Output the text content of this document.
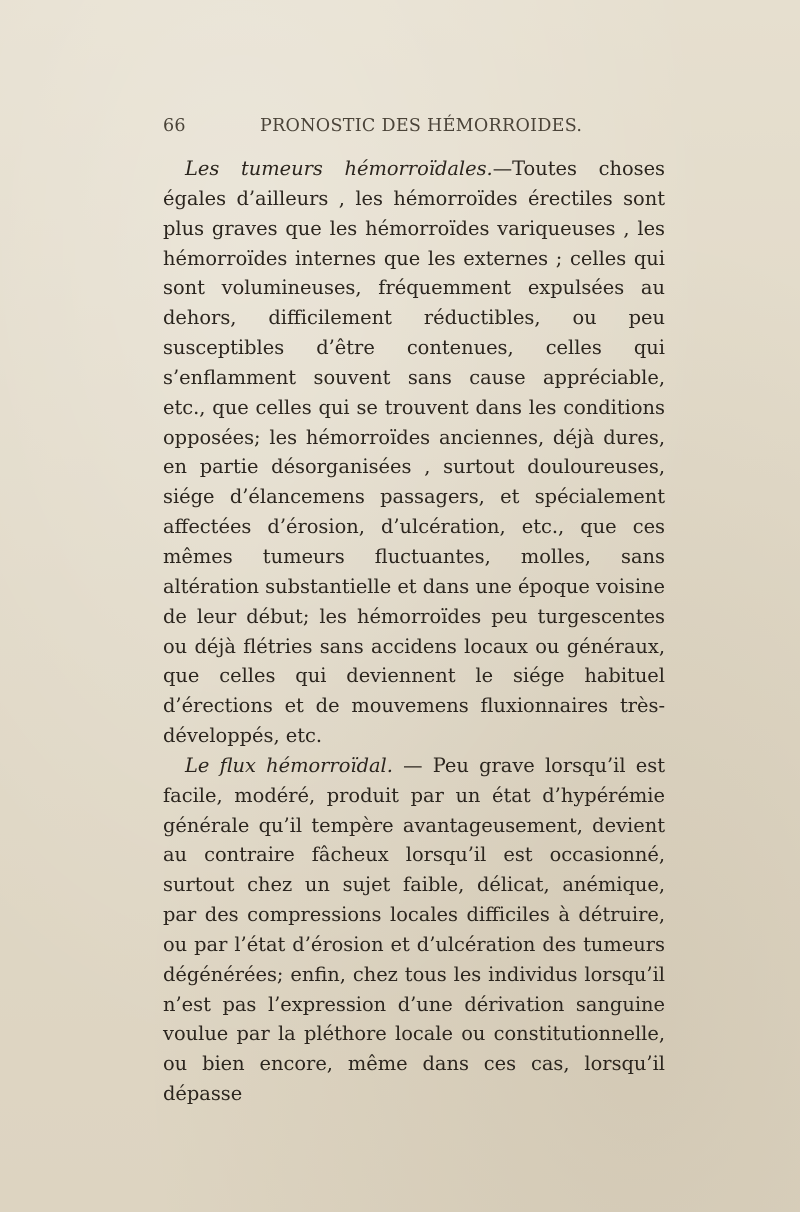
66	PRONOSTIC DES HÉMORROIDES.

Les tumeurs hémorroïdales.—Toutes choses égales d’ailleurs , les hémorroïdes érectiles sont plus graves que les hémorroïdes variqueuses , les hémorroïdes internes que les externes ; celles qui sont volumineuses, fréquemment expulsées au dehors, difficilement réductibles, ou peu susceptibles d’être contenues, celles qui s’enflamment souvent sans cause appréciable, etc., que celles qui se trouvent dans les conditions opposées; les hémorroïdes anciennes, déjà dures, en partie désorganisées , surtout douloureuses, siége d’élancemens passagers, et spécialement affectées d’érosion, d’ulcération, etc., que ces mêmes tumeurs fluctuantes, molles, sans altération substantielle et dans une époque voisine de leur début; les hémorroïdes peu turgescentes ou déjà flétries sans accidens locaux ou généraux, que celles qui deviennent le siége habituel d’érections et de mouvemens fluxionnaires très-développés, etc.

Le flux hémorroïdal. — Peu grave lorsqu’il est facile, modéré, produit par un état d’hypérémie générale qu’il tempère avantageusement, devient au contraire fâcheux lorsqu’il est occasionné, surtout chez un sujet faible, délicat, anémique, par des compressions locales difficiles à détruire, ou par l’état d’érosion et d’ulcération des tumeurs dégénérées; enfin, chez tous les individus lorsqu’il n’est pas l’expression d’une dérivation sanguine voulue par la pléthore locale ou constitutionnelle, ou bien encore, même dans ces cas, lorsqu’il dépasse
